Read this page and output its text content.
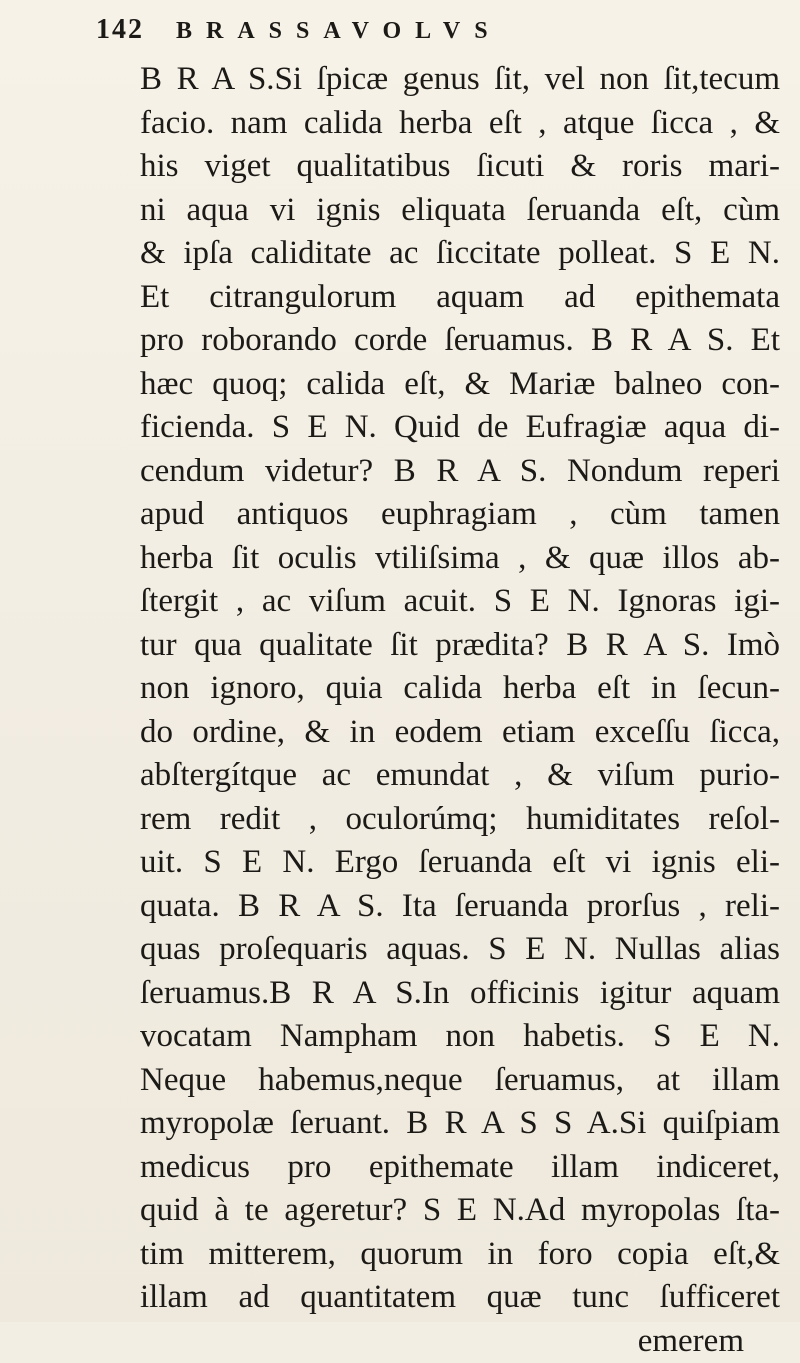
142 BRASSAVOLVS
B R A S.Si ſpicæ genus ſit, vel non ſit,tecum
facio. nam calida herba eſt , atque ſicca , &
his viget qualitatibus ſicuti & roris mari-
ni aqua vi ignis eliquata ſeruanda eſt, cùm
& ipſa caliditate ac ſiccitate polleat. S E N.
Et citrangulorum aquam ad epithemata
pro roborando corde ſeruamus. B R A S. Et
hæc quoq; calida eſt, & Mariæ balneo con-
ficienda. S E N. Quid de Eufragiæ aqua di-
cendum videtur? B R A S. Nondum reperi
apud antiquos euphragiam , cùm tamen
herba ſit oculis vtiliſsima , & quæ illos ab-
ſtergit , ac viſum acuit. S E N. Ignoras igi-
tur qua qualitate ſit prædita? B R A S. Imò
non ignoro, quia calida herba eſt in ſecun-
do ordine, & in eodem etiam exceſſu ſicca,
abſtergítque ac emundat , & viſum purio-
rem redit , oculorúmq; humiditates reſol-
uit. S E N. Ergo ſeruanda eſt vi ignis eli-
quata. B R A S. Ita ſeruanda prorſus , reli-
quas proſequaris aquas. S E N. Nullas alias
ſeruamus.B R A S.In officinis igitur aquam
vocatam Nampham non habetis. S E N.
Neque habemus,neque ſeruamus, at illam
myropolæ ſeruant. B R A S S A.Si quiſpiam
medicus pro epithemate illam indiceret,
quid à te ageretur? S E N.Ad myropolas ſta-
tim mitterem, quorum in foro copia eſt,&
illam ad quantitatem quæ tunc ſufficeret
emerem
